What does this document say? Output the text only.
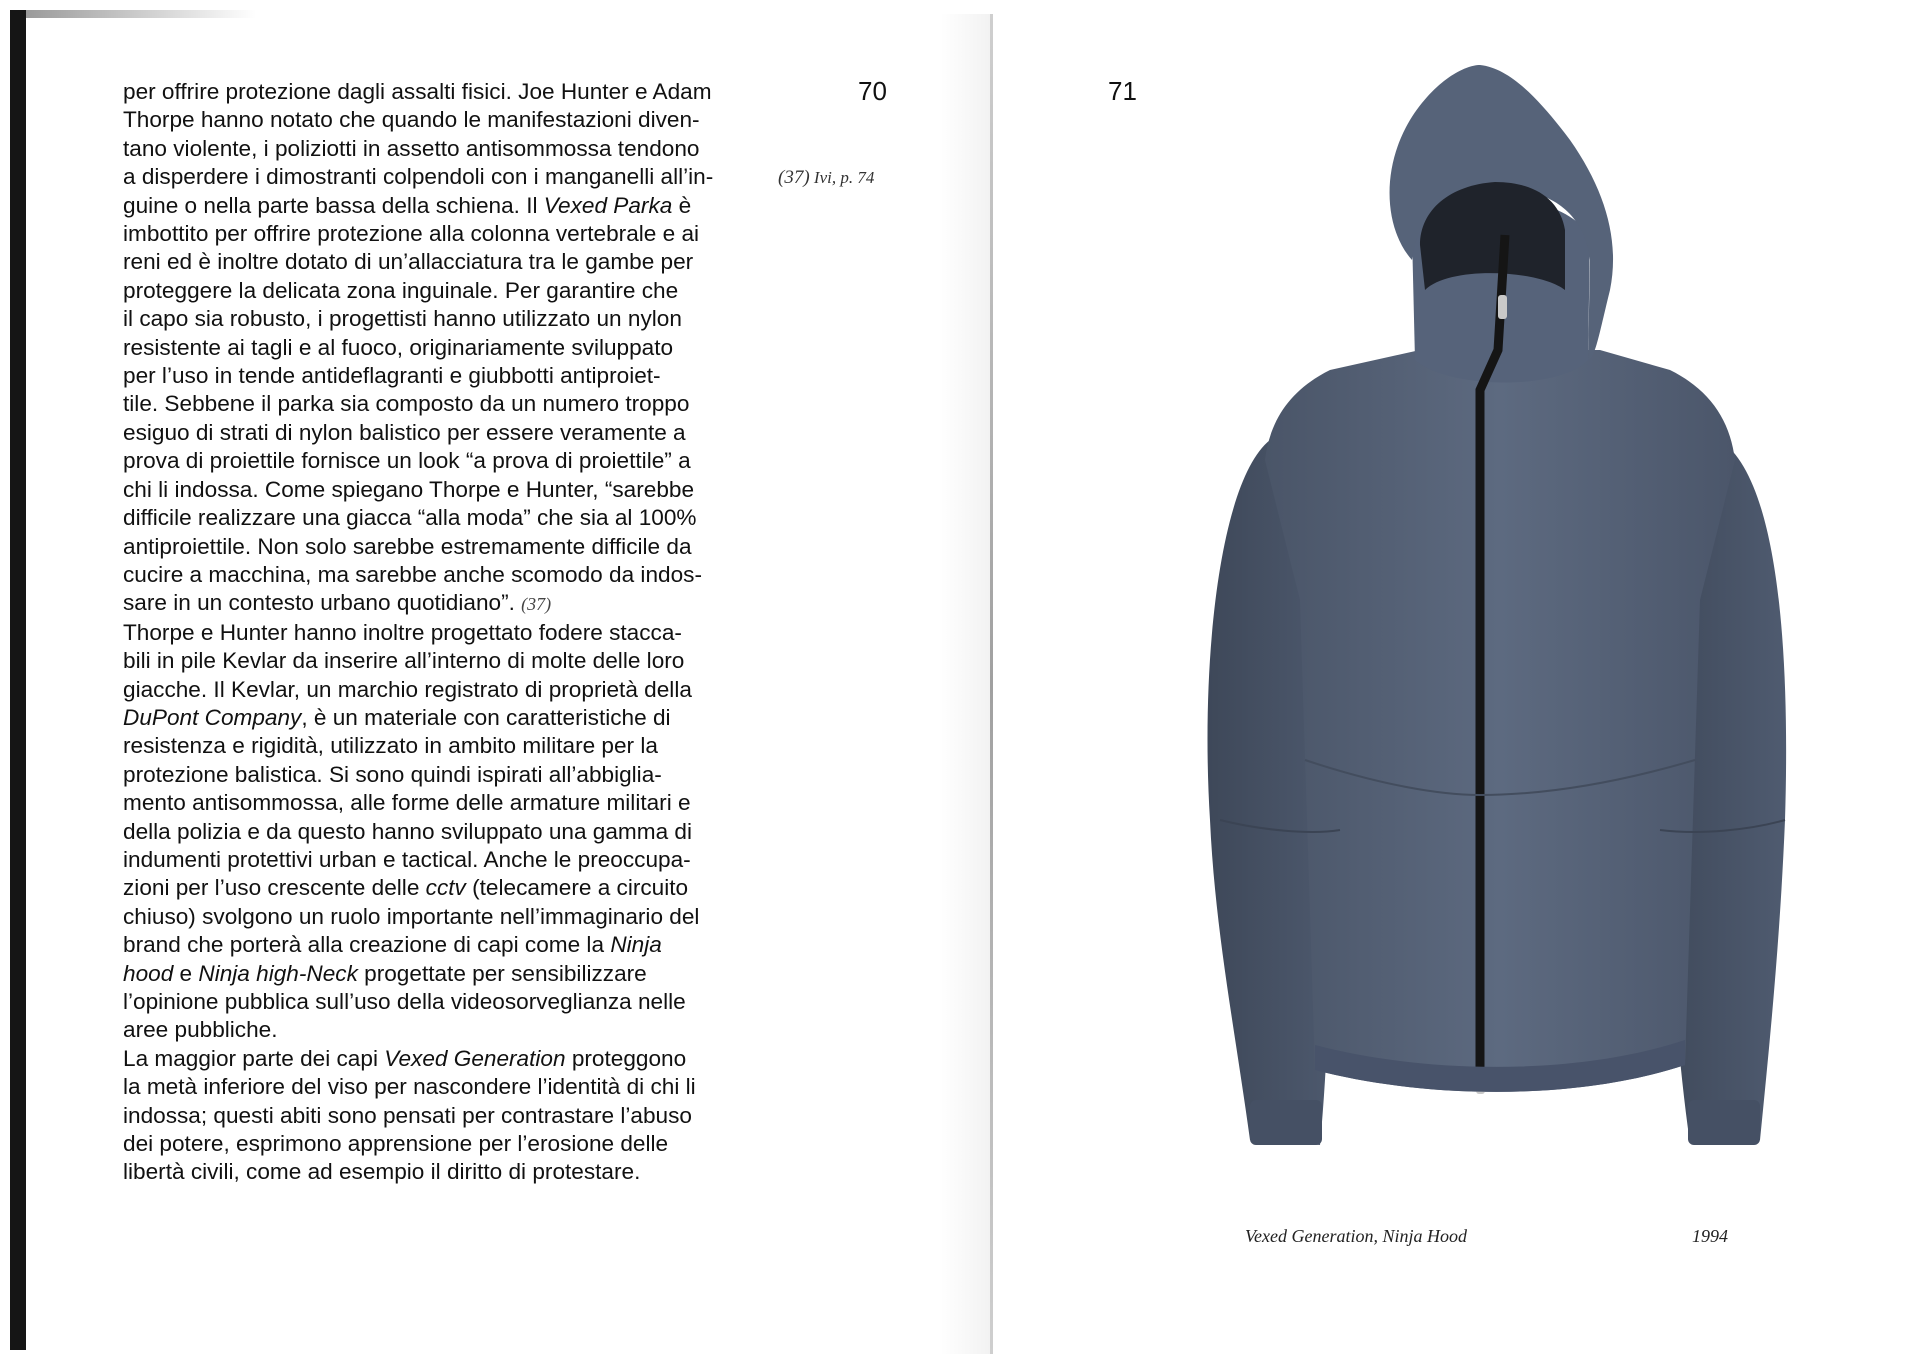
per offrire protezione dagli assalti fisici. Joe Hunter e Adam
Thorpe hanno notato che quando le manifestazioni diven-
tano violente, i poliziotti in assetto antisommossa tendono
a disperdere i dimostranti colpendoli con i manganelli all’in-
guine o nella parte bassa della schiena. Il Vexed Parka è
imbottito per offrire protezione alla colonna vertebrale e ai
reni ed è inoltre dotato di un’allacciatura tra le gambe per
proteggere la delicata zona inguinale. Per garantire che
il capo sia robusto, i progettisti hanno utilizzato un nylon
resistente ai tagli e al fuoco, originariamente sviluppato
per l’uso in tende antideflagranti e giubbotti antiproiet-
tile. Sebbene il parka sia composto da un numero troppo
esiguo di strati di nylon balistico per essere veramente a
prova di proiettile fornisce un look “a prova di proiettile” a
chi li indossa. Come spiegano Thorpe e Hunter, “sarebbe
difficile realizzare una giacca “alla moda” che sia al 100%
antiproiettile. Non solo sarebbe estremamente difficile da
cucire a macchina, ma sarebbe anche scomodo da indos-
sare in un contesto urbano quotidiano”. (37)

Thorpe e Hunter hanno inoltre progettato fodere stacca-
bili in pile Kevlar da inserire all’interno di molte delle loro
giacche. Il Kevlar, un marchio registrato di proprietà della
DuPont Company, è un materiale con caratteristiche di
resistenza e rigidità, utilizzato in ambito militare per la
protezione balistica. Si sono quindi ispirati all’abbiglia-
mento antisommossa, alle forme delle armature militari e
della polizia e da questo hanno sviluppato una gamma di
indumenti protettivi urban e tactical. Anche le preoccupa-
zioni per l’uso crescente delle cctv (telecamere a circuito
chiuso) svolgono un ruolo importante nell’immaginario del
brand che porterà alla creazione di capi come la Ninja
hood e Ninja high-Neck progettate per sensibilizzare
l’opinione pubblica sull’uso della videosorveglianza nelle
aree pubbliche.

La maggior parte dei capi Vexed Generation proteggono
la metà inferiore del viso per nascondere l’identità di chi li
indossa; questi abiti sono pensati per contrastare l’abuso
dei potere, esprimono apprensione per l’erosione delle
libertà civili, come ad esempio il diritto di protestare.

70
(37) Ivi, p. 74
71
Vexed Generation, Ninja Hood	1994
